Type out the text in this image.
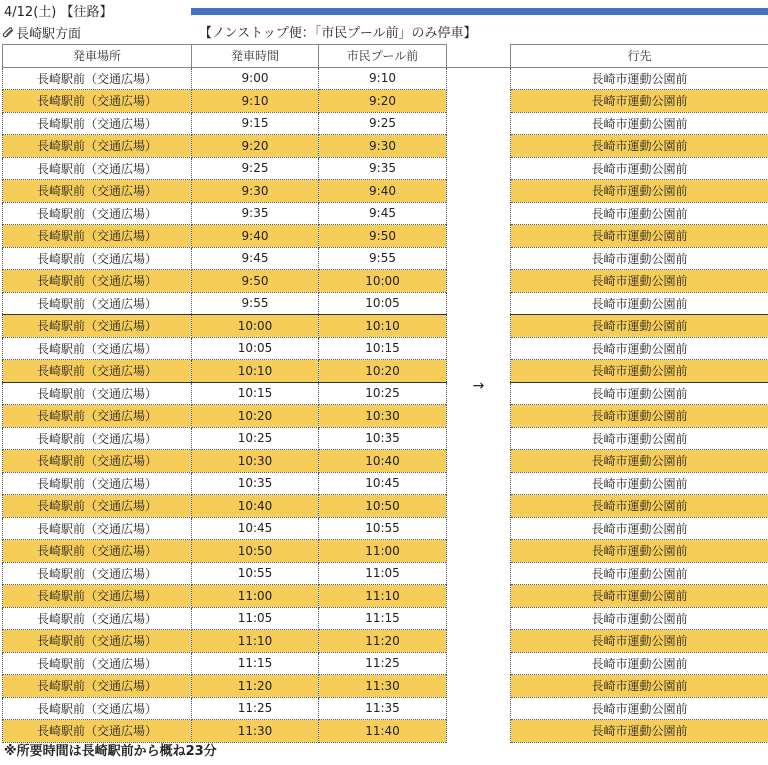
4/12(土) 【往路】
長崎駅方面	【ノンストップ便：「市民プール前」のみ停車】
発車場所	発車時間	市民プール前		行先
長崎駅前（交通広場）	9:00	9:10	→	長崎市運動公園前
長崎駅前（交通広場）	9:10	9:20		長崎市運動公園前
長崎駅前（交通広場）	9:15	9:25		長崎市運動公園前
長崎駅前（交通広場）	9:20	9:30		長崎市運動公園前
長崎駅前（交通広場）	9:25	9:35		長崎市運動公園前
長崎駅前（交通広場）	9:30	9:40		長崎市運動公園前
長崎駅前（交通広場）	9:35	9:45		長崎市運動公園前
長崎駅前（交通広場）	9:40	9:50		長崎市運動公園前
長崎駅前（交通広場）	9:45	9:55		長崎市運動公園前
長崎駅前（交通広場）	9:50	10:00		長崎市運動公園前
長崎駅前（交通広場）	9:55	10:05		長崎市運動公園前
長崎駅前（交通広場）	10:00	10:10		長崎市運動公園前
長崎駅前（交通広場）	10:05	10:15		長崎市運動公園前
長崎駅前（交通広場）	10:10	10:20		長崎市運動公園前
長崎駅前（交通広場）	10:15	10:25		長崎市運動公園前
長崎駅前（交通広場）	10:20	10:30		長崎市運動公園前
長崎駅前（交通広場）	10:25	10:35		長崎市運動公園前
長崎駅前（交通広場）	10:30	10:40		長崎市運動公園前
長崎駅前（交通広場）	10:35	10:45		長崎市運動公園前
長崎駅前（交通広場）	10:40	10:50		長崎市運動公園前
長崎駅前（交通広場）	10:45	10:55		長崎市運動公園前
長崎駅前（交通広場）	10:50	11:00		長崎市運動公園前
長崎駅前（交通広場）	10:55	11:05		長崎市運動公園前
長崎駅前（交通広場）	11:00	11:10		長崎市運動公園前
長崎駅前（交通広場）	11:05	11:15		長崎市運動公園前
長崎駅前（交通広場）	11:10	11:20		長崎市運動公園前
長崎駅前（交通広場）	11:15	11:25		長崎市運動公園前
長崎駅前（交通広場）	11:20	11:30		長崎市運動公園前
長崎駅前（交通広場）	11:25	11:35		長崎市運動公園前
長崎駅前（交通広場）	11:30	11:40		長崎市運動公園前
※所要時間は長崎駅前から概ね23分
